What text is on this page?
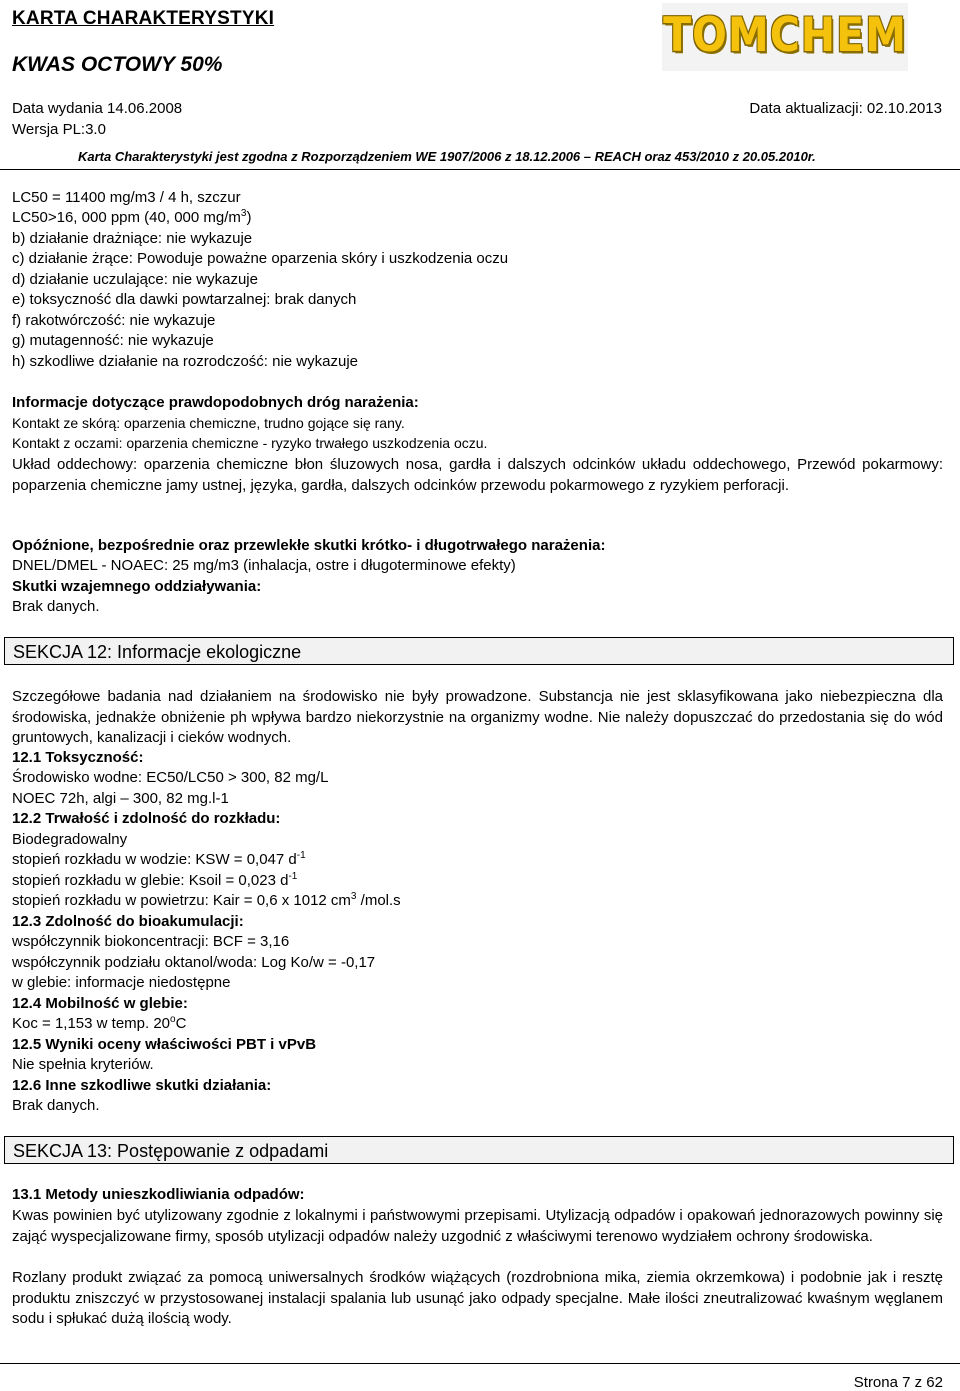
KARTA CHARAKTERYSTYKI
KWAS OCTOWY 50%
TOMCHEM
Data wydania 14.06.2008	Data aktualizacji: 02.10.2013
Wersja PL:3.0
Karta Charakterystyki jest zgodna z Rozporządzeniem WE 1907/2006 z 18.12.2006 – REACH oraz 453/2010 z 20.05.2010r.
LC50 = 11400 mg/m3 / 4 h, szczur
LC50>16, 000 ppm (40, 000 $mg/m^3$)
b) działanie drażniące: nie wykazuje
c) działanie żrące: Powoduje poważne oparzenia skóry i uszkodzenia oczu
d) działanie uczulające: nie wykazuje
e) toksyczność dla dawki powtarzalnej: brak danych
f) rakotwórczość: nie wykazuje
g) mutagenność: nie wykazuje
h) szkodliwe działanie na rozrodczość: nie wykazuje
Informacje dotyczące prawdopodobnych dróg narażenia:
Kontakt ze skórą: oparzenia chemiczne, trudno gojące się rany.
Kontakt z oczami: oparzenia chemiczne - ryzyko trwałego uszkodzenia oczu.
Układ oddechowy: oparzenia chemiczne błon śluzowych nosa, gardła i dalszych odcinków układu oddechowego, Przewód pokarmowy: poparzenia chemiczne jamy ustnej, języka, gardła, dalszych odcinków przewodu pokarmowego z ryzykiem perforacji.
Opóźnione, bezpośrednie oraz przewlekłe skutki krótko- i długotrwałego narażenia:
DNEL/DMEL - NOAEC: 25 mg/m3 (inhalacja, ostre i długoterminowe efekty)
Skutki wzajemnego oddziaływania:
Brak danych.
SEKCJA 12: Informacje ekologiczne
Szczegółowe badania nad działaniem na środowisko nie były prowadzone. Substancja nie jest sklasyfikowana jako niebezpieczna dla środowiska, jednakże obniżenie ph wpływa bardzo niekorzystnie na organizmy wodne. Nie należy dopuszczać do przedostania się do wód gruntowych, kanalizacji i cieków wodnych.
12.1 Toksyczność:
Środowisko wodne: EC50/LC50 > 300, 82 mg/L
NOEC 72h, algi – 300, 82 mg.l-1
12.2 Trwałość i zdolność do rozkładu:
Biodegradowalny
stopień rozkładu w wodzie: KSW = 0,047 $d^{-1}$
stopień rozkładu w glebie: Ksoil = 0,023 $d^{-1}$
stopień rozkładu w powietrzu: Kair = 0,6 x 1012 $cm^3$ /mol.s
12.3 Zdolność do bioakumulacji:
współczynnik biokoncentracji: BCF = 3,16
współczynnik podziału oktanol/woda: Log Ko/w = -0,17
w glebie: informacje niedostępne
12.4 Mobilność w glebie:
Koc = 1,153 w temp. 20$^o$C
12.5 Wyniki oceny właściwości PBT i vPvB
Nie spełnia kryteriów.
12.6 Inne szkodliwe skutki działania:
Brak danych.
SEKCJA 13: Postępowanie z odpadami
13.1 Metody unieszkodliwiania odpadów:
Kwas powinien być utylizowany zgodnie z lokalnymi i państwowymi przepisami. Utylizacją odpadów i opakowań jednorazowych powinny się zająć wyspecjalizowane firmy, sposób utylizacji odpadów należy uzgodnić z właściwymi terenowo wydziałem ochrony środowiska.
Rozlany produkt związać za pomocą uniwersalnych środków wiążących (rozdrobniona mika, ziemia okrzemkowa) i podobnie jak i resztę produktu zniszczyć w przystosowanej instalacji spalania lub usunąć jako odpady specjalne. Małe ilości zneutralizować kwaśnym węglanem sodu i spłukać dużą ilością wody.
Strona 7 z 62
